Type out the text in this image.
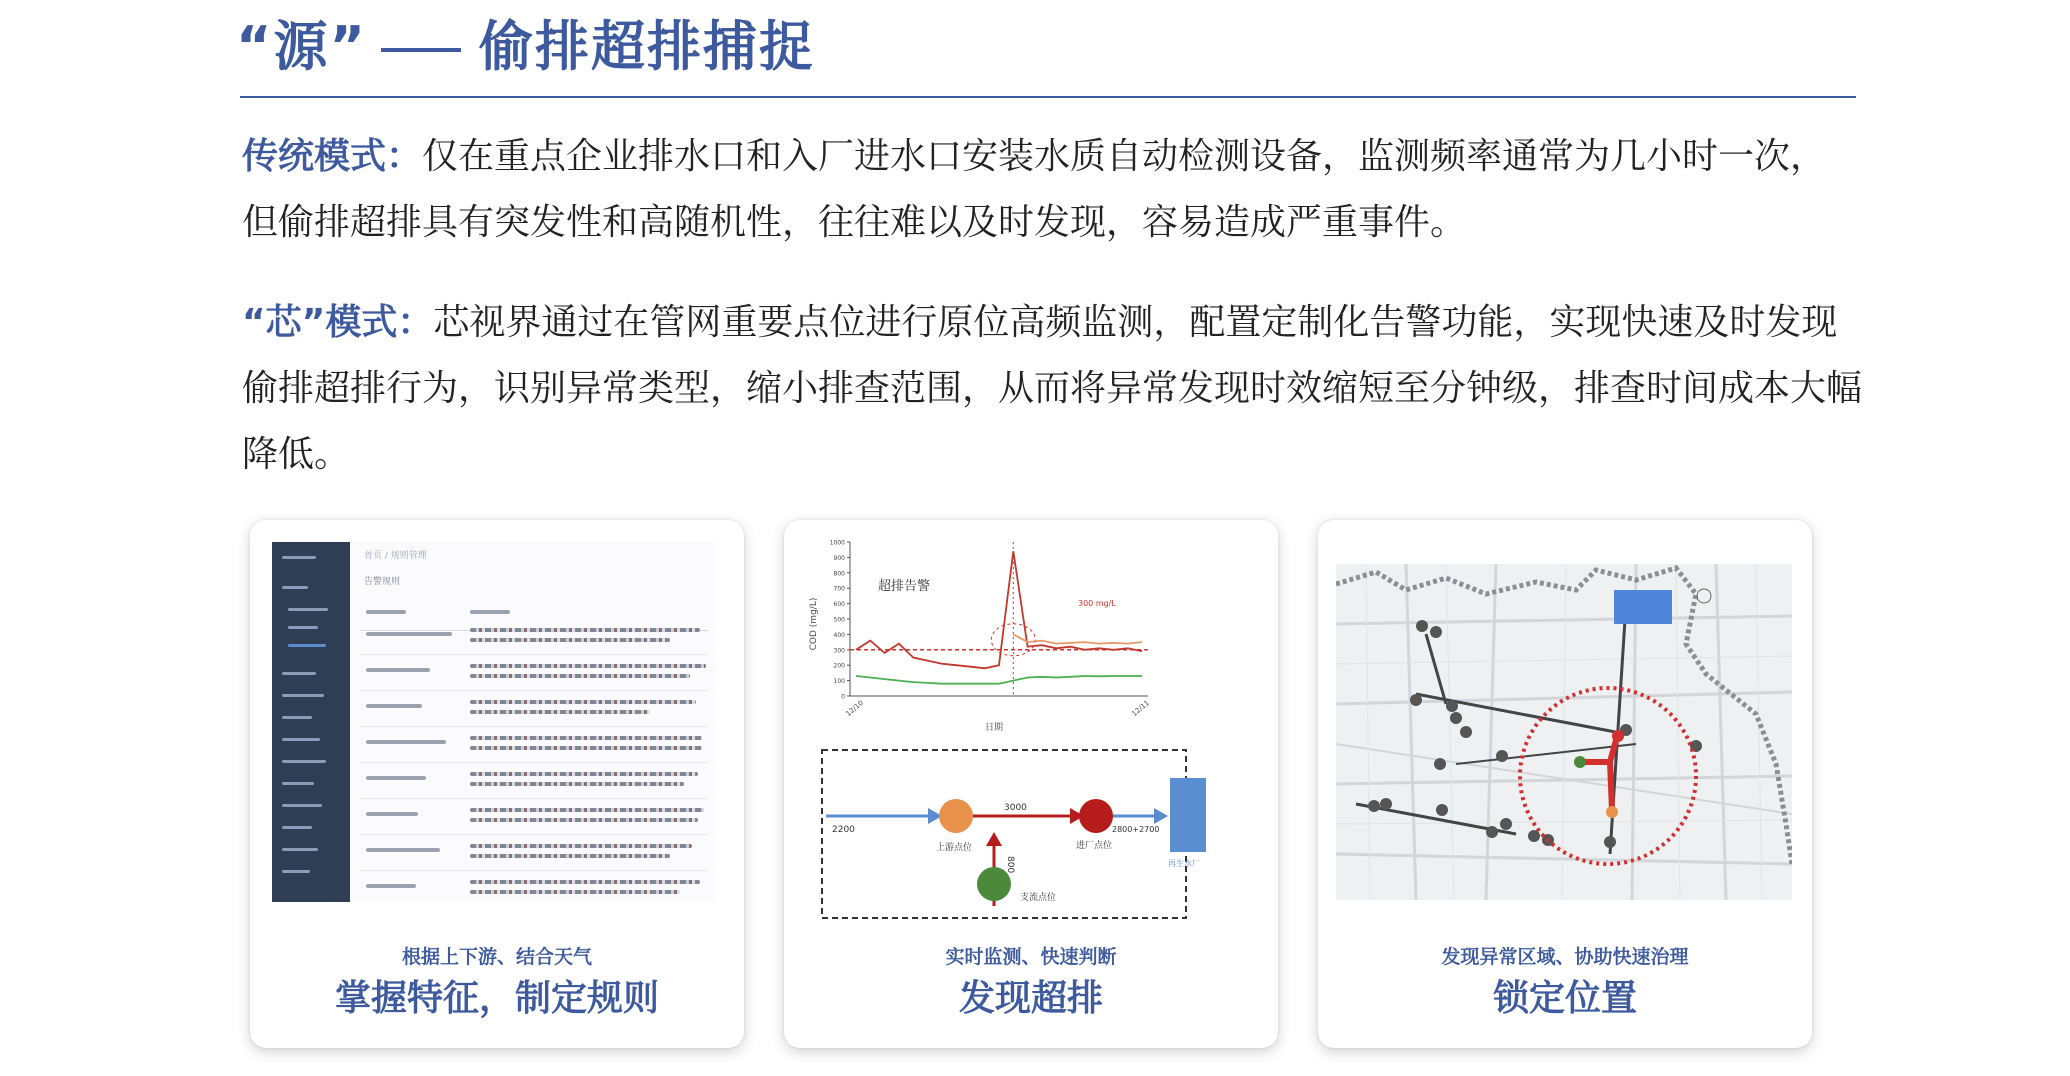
“源” 偷排超排捕捉
传统模式：仅在重点企业排水口和入厂进水口安装水质自动检测设备，监测频率通常为几小时一次，但偷排超排具有突发性和高随机性，往往难以及时发现，容易造成严重事件。
“芯”模式：芯视界通过在管网重要点位进行原位高频监测，配置定制化告警功能，实现快速及时发现偷排超排行为，识别异常类型，缩小排查范围，从而将异常发现时效缩短至分钟级，排查时间成本大幅降低。
首页 / 规则管理
告警规则
根据上下游、结合天气
掌握特征，制定规则
COD (mg/L)
日期
超排告警
300 mg/L
0
100
200
300
400
500
600
700
800
900
1000
12/10	12/11
2200
3000
800
2800+2700
上游点位	进厂点位
支流点位
再生水厂
实时监测、快速判断
发现超排
发现异常区域、协助快速治理
锁定位置
